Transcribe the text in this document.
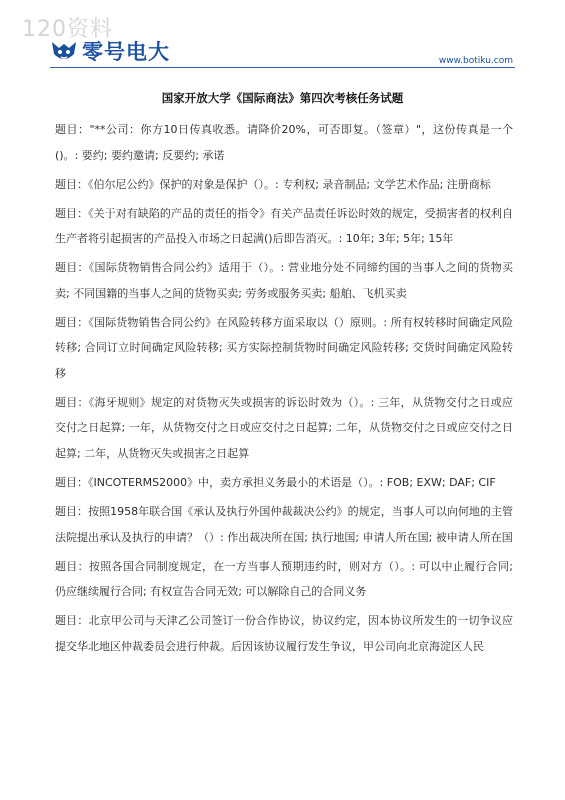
120资料
零号电大	www.botiku.com
国家开放大学《国际商法》第四次考核任务试题

题目："**公司：你方10日传真收悉。请降价20%，可否即复。（签章）"，这份传真是一个()。: 要约; 要约邀请; 反要约; 承诺

题目：《伯尔尼公约》保护的对象是保护（）。: 专利权; 录音制品; 文学艺术作品; 注册商标

题目：《关于对有缺陷的产品的责任的指令》有关产品责任诉讼时效的规定，受损害者的权利自生产者将引起损害的产品投入市场之日起满()后即告消灭。: 10年; 3年; 5年; 15年

题目：《国际货物销售合同公约》适用于（）。: 营业地分处不同缔约国的当事人之间的货物买卖; 不同国籍的当事人之间的货物买卖; 劳务或服务买卖; 船舶、飞机买卖

题目：《国际货物销售合同公约》在风险转移方面采取以（）原则。: 所有权转移时间确定风险转移; 合同订立时间确定风险转移; 买方实际控制货物时间确定风险转移; 交货时间确定风险转移

题目：《海牙规则》规定的对货物灭失或损害的诉讼时效为（）。: 三年，从货物交付之日或应交付之日起算; 一年，从货物交付之日或应交付之日起算; 二年，从货物交付之日或应交付之日起算; 二年，从货物灭失或损害之日起算

题目：《INCOTERMS2000》中，卖方承担义务最小的术语是（）。: FOB; EXW; DAF; CIF

题目：按照1958年联合国《承认及执行外国仲裁裁决公约》的规定，当事人可以向何地的主管法院提出承认及执行的申请？（）: 作出裁决所在国; 执行地国; 申请人所在国; 被申请人所在国

题目：按照各国合同制度规定，在一方当事人预期违约时，则对方（）。: 可以中止履行合同; 仍应继续履行合同; 有权宣告合同无效; 可以解除自己的合同义务

题目：北京甲公司与天津乙公司签订一份合作协议，协议约定，因本协议所发生的一切争议应提交华北地区仲裁委员会进行仲裁。后因该协议履行发生争议，甲公司向北京海淀区人民
